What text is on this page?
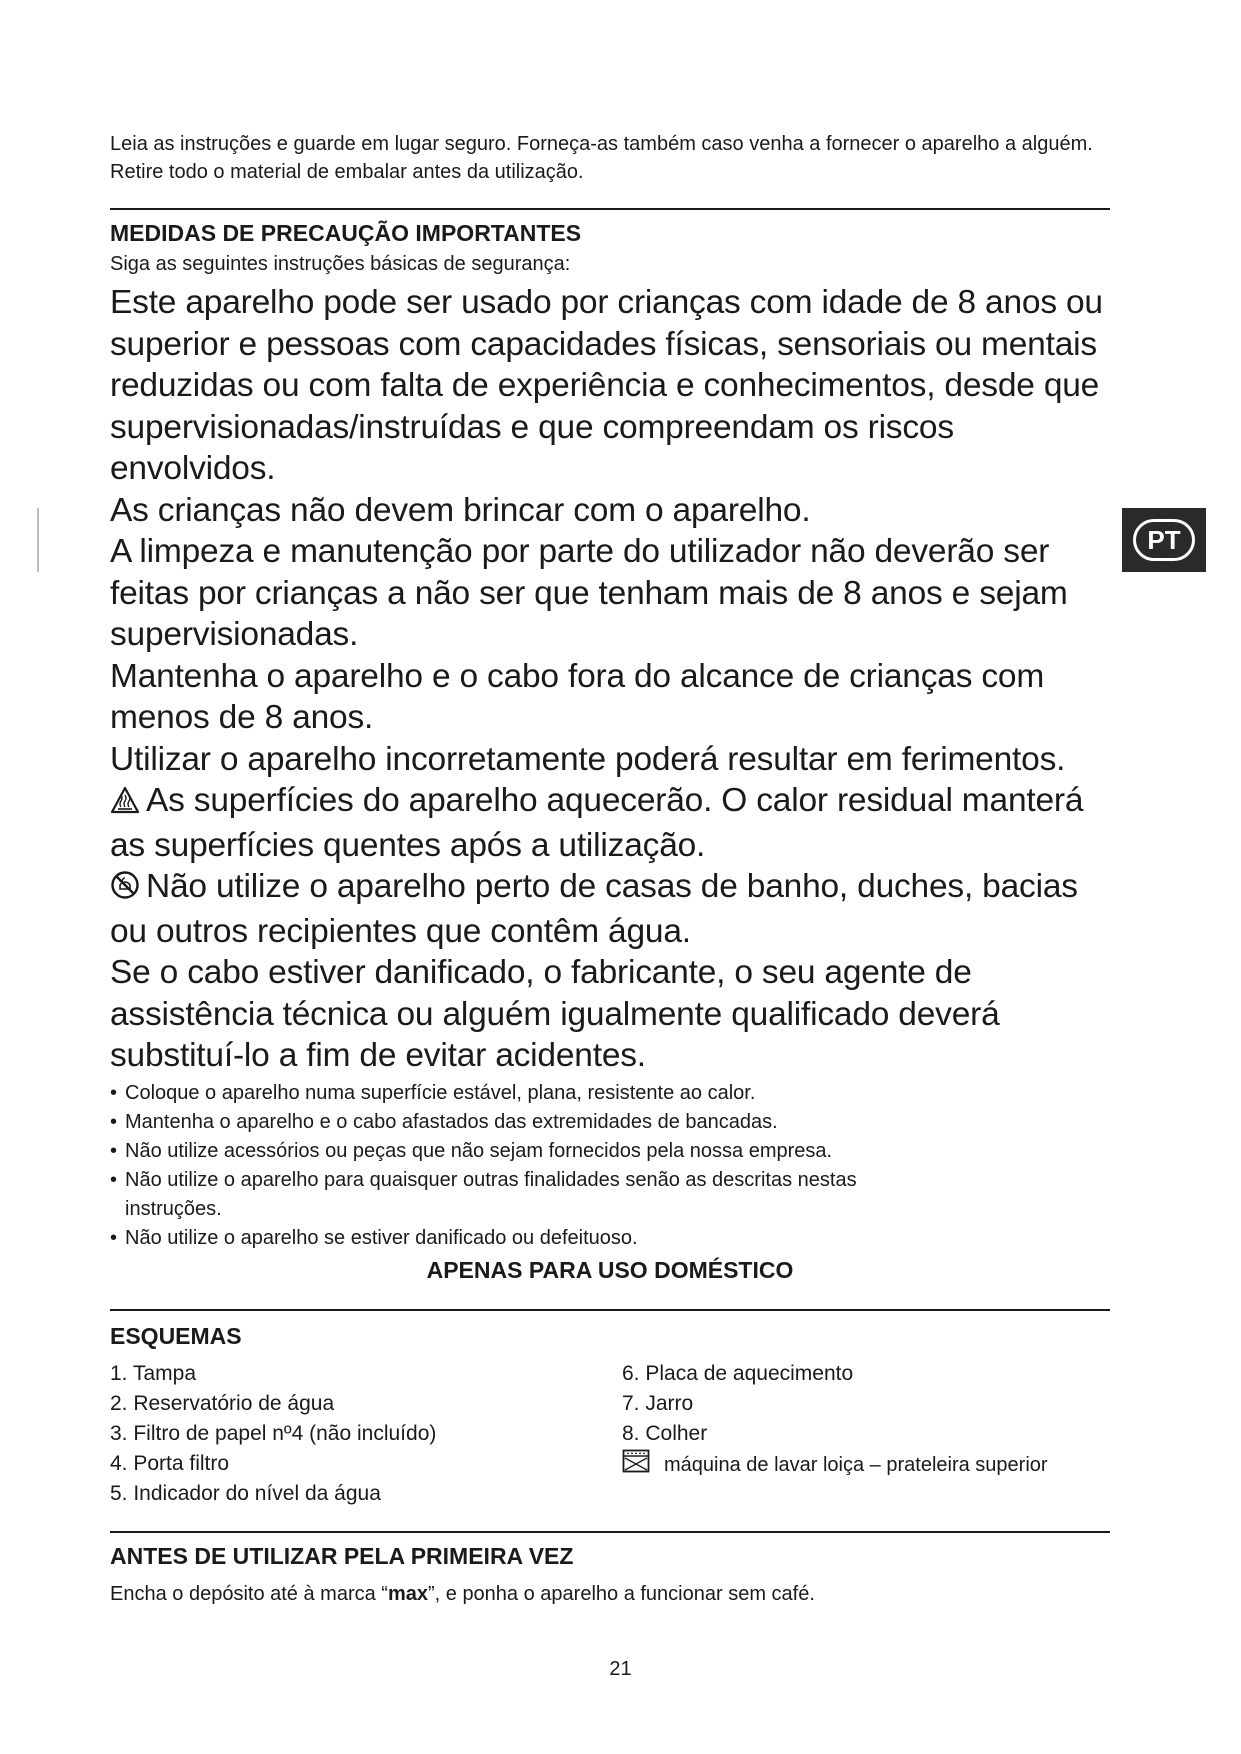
PT

Leia as instruções e guarde em lugar seguro. Forneça-as também caso venha a fornecer o aparelho a alguém. Retire todo o material de embalar antes da utilização.

MEDIDAS DE PRECAUÇÃO IMPORTANTES

Siga as seguintes instruções básicas de segurança:

Este aparelho pode ser usado por crianças com idade de 8 anos ou superior e pessoas com capacidades físicas, sensoriais ou mentais reduzidas ou com falta de experiência e conhecimentos, desde que supervisionadas/instruídas e que compreendam os riscos envolvidos.

As crianças não devem brincar com o aparelho.

A limpeza e manutenção por parte do utilizador não deverão ser feitas por crianças a não ser que tenham mais de 8 anos e sejam supervisionadas.

Mantenha o aparelho e o cabo fora do alcance de crianças com menos de 8 anos.

Utilizar o aparelho incorretamente poderá resultar em ferimentos.

As superfícies do aparelho aquecerão. O calor residual manterá as superfícies quentes após a utilização.

Não utilize o aparelho perto de casas de banho, duches, bacias ou outros recipientes que contêm água.

Se o cabo estiver danificado, o fabricante, o seu agente de assistência técnica ou alguém igualmente qualificado deverá substituí-lo a fim de evitar acidentes.

• Coloque o aparelho numa superfície estável, plana, resistente ao calor.
• Mantenha o aparelho e o cabo afastados das extremidades de bancadas.
• Não utilize acessórios ou peças que não sejam fornecidos pela nossa empresa.
• Não utilize o aparelho para quaisquer outras finalidades senão as descritas nestas instruções.
• Não utilize o aparelho se estiver danificado ou defeituoso.

APENAS PARA USO DOMÉSTICO

ESQUEMAS
1. Tampa
2. Reservatório de água
3. Filtro de papel nº4 (não incluído)
4. Porta filtro
5. Indicador do nível da água
6. Placa de aquecimento
7. Jarro
8. Colher
máquina de lavar loiça – prateleira superior
ANTES DE UTILIZAR PELA PRIMEIRA VEZ

Encha o depósito até à marca “max”, e ponha o aparelho a funcionar sem café.

21
